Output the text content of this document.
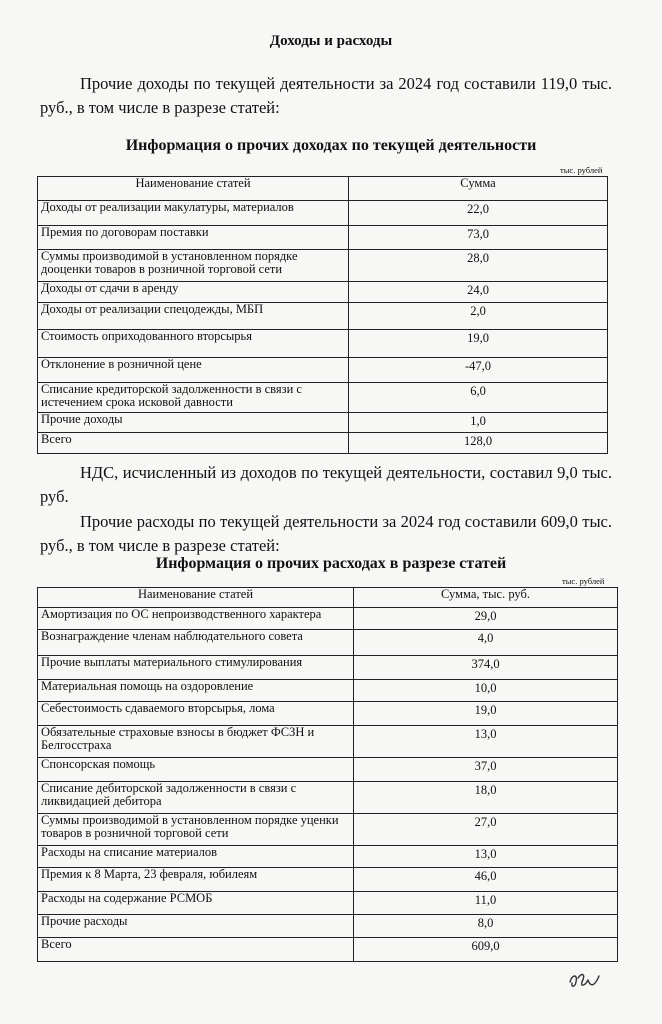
Доходы и расходы
Прочие доходы по текущей деятельности за 2024 год составили 119,0 тыс. руб., в том числе в разрезе статей:
Информация о прочих доходах по текущей деятельности
тыс. рублей
Наименование статей	Сумма
Доходы от реализации макулатуры, материалов	22,0
Премия по договорам поставки	73,0
Суммы производимой в установленном порядке дооценки товаров в розничной торговой сети	28,0
Доходы от сдачи в аренду	24,0
Доходы от реализации спецодежды, МБП	2,0
Стоимость оприходованного вторсырья	19,0
Отклонение в розничной цене	-47,0
Списание кредиторской задолженности в связи с истечением срока исковой давности	6,0
Прочие доходы	1,0
Всего	128,0
НДС, исчисленный из доходов по текущей деятельности, составил 9,0 тыс. руб.
Прочие расходы по текущей деятельности за 2024 год составили 609,0 тыс. руб., в том числе в разрезе статей:
Информация о прочих расходах в разрезе статей
тыс. рублей
Наименование статей	Сумма, тыс. руб.
Амортизация по ОС непроизводственного характера	29,0
Вознаграждение членам наблюдательного совета	4,0
Прочие выплаты материального стимулирования	374,0
Материальная помощь на оздоровление	10,0
Себестоимость сдаваемого вторсырья, лома	19,0
Обязательные страховые взносы в бюджет ФСЗН и Белгосстраха	13,0
Спонсорская помощь	37,0
Списание дебиторской задолженности в связи с ликвидацией дебитора	18,0
Суммы производимой в установленном порядке уценки товаров в розничной торговой сети	27,0
Расходы на списание материалов	13,0
Премия к 8 Марта, 23 февраля, юбилеям	46,0
Расходы на содержание РСМОБ	11,0
Прочие расходы	8,0
Всего	609,0
